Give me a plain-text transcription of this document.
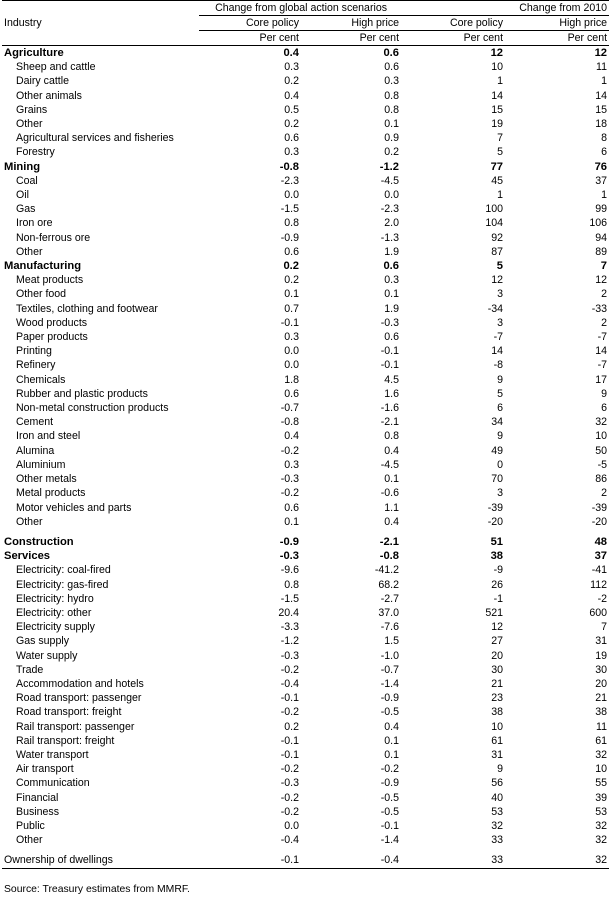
	Change from global action scenarios		Change from 2010	
Industry	Core policy	High price	Core policy	High price
	Per cent	Per cent	Per cent	Per cent
Agriculture	0.4	0.6	12	12
Sheep and cattle	0.3	0.6	10	11
Dairy cattle	0.2	0.3	1	1
Other animals	0.4	0.8	14	14
Grains	0.5	0.8	15	15
Other	0.2	0.1	19	18
Agricultural services and fisheries	0.6	0.9	7	8
Forestry	0.3	0.2	5	6
Mining	-0.8	-1.2	77	76
Coal	-2.3	-4.5	45	37
Oil	0.0	0.0	1	1
Gas	-1.5	-2.3	100	99
Iron ore	0.8	2.0	104	106
Non-ferrous ore	-0.9	-1.3	92	94
Other	0.6	1.9	87	89
Manufacturing	0.2	0.6	5	7
Meat products	0.2	0.3	12	12
Other food	0.1	0.1	3	2
Textiles, clothing and footwear	0.7	1.9	-34	-33
Wood products	-0.1	-0.3	3	2
Paper products	0.3	0.6	-7	-7
Printing	0.0	-0.1	14	14
Refinery	0.0	-0.1	-8	-7
Chemicals	1.8	4.5	9	17
Rubber and plastic products	0.6	1.6	5	9
Non-metal construction products	-0.7	-1.6	6	6
Cement	-0.8	-2.1	34	32
Iron and steel	0.4	0.8	9	10
Alumina	-0.2	0.4	49	50
Aluminium	0.3	-4.5	0	-5
Other metals	-0.3	0.1	70	86
Metal products	-0.2	-0.6	3	2
Motor vehicles and parts	0.6	1.1	-39	-39
Other	0.1	0.4	-20	-20

Construction	-0.9	-2.1	51	48
Services	-0.3	-0.8	38	37
Electricity: coal-fired	-9.6	-41.2	-9	-41
Electricity: gas-fired	0.8	68.2	26	112
Electricity: hydro	-1.5	-2.7	-1	-2
Electricity: other	20.4	37.0	521	600
Electricity supply	-3.3	-7.6	12	7
Gas supply	-1.2	1.5	27	31
Water supply	-0.3	-1.0	20	19
Trade	-0.2	-0.7	30	30
Accommodation and hotels	-0.4	-1.4	21	20
Road transport: passenger	-0.1	-0.9	23	21
Road transport: freight	-0.2	-0.5	38	38
Rail transport: passenger	0.2	0.4	10	11
Rail transport: freight	-0.1	0.1	61	61
Water transport	-0.1	0.1	31	32
Air transport	-0.2	-0.2	9	10
Communication	-0.3	-0.9	56	55
Financial	-0.2	-0.5	40	39
Business	-0.2	-0.5	53	53
Public	0.0	-0.1	32	32
Other	-0.4	-1.4	33	32

Ownership of dwellings	-0.1	-0.4	33	32
Source: Treasury estimates from MMRF.
